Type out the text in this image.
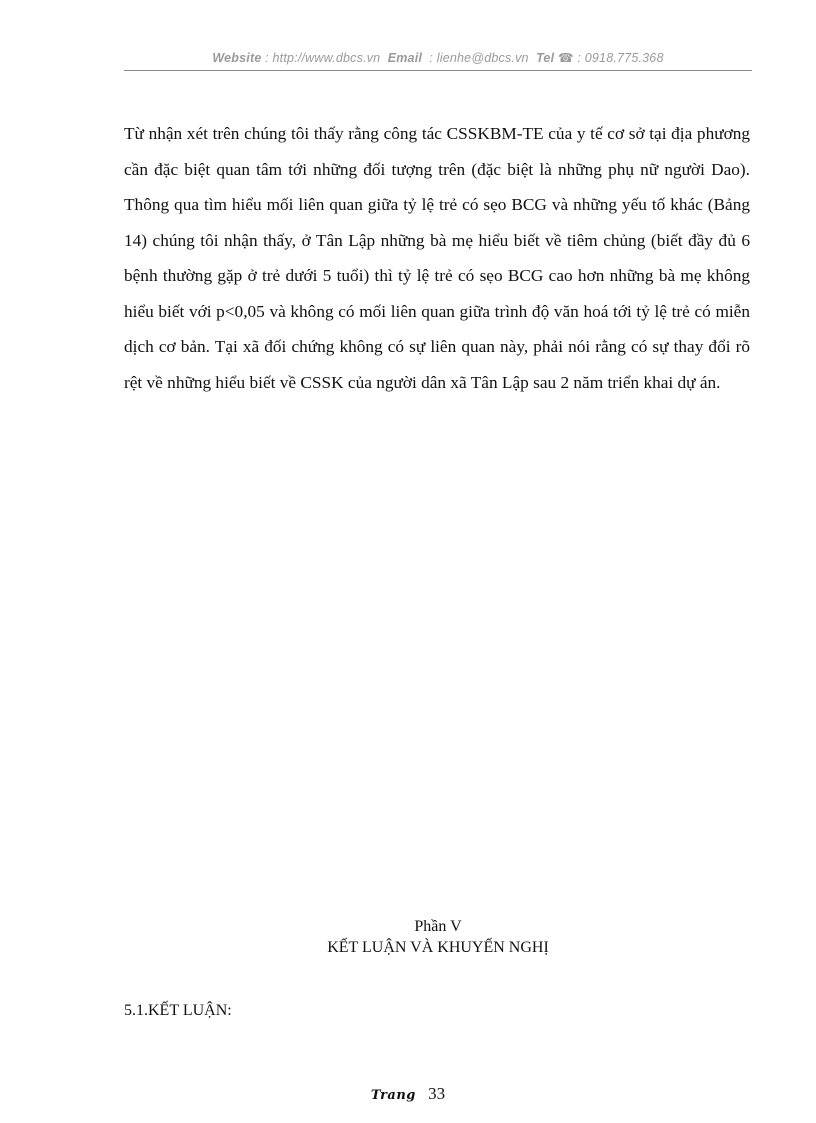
Website : http://www.dbcs.vn Email : lienhe@dbcs.vn Tel ☎ : 0918.775.368

Từ nhận xét trên chúng tôi thấy rằng công tác CSSKBM-TE của y tế cơ sở tại địa phương cần đặc biệt quan tâm tới những đối tượng trên (đặc biệt là những phụ nữ người Dao). Thông qua tìm hiểu mối liên quan giữa tỷ lệ trẻ có sẹo BCG và những yếu tố khác (Bảng 14) chúng tôi nhận thấy, ở Tân Lập những bà mẹ hiểu biết về tiêm chủng (biết đầy đủ 6 bệnh thường gặp ở trẻ dưới 5 tuổi) thì tỷ lệ trẻ có sẹo BCG cao hơn những bà mẹ không hiểu biết với p<0,05 và không có mối liên quan giữa trình độ văn hoá tới tỷ lệ trẻ có miễn dịch cơ bản. Tại xã đối chứng không có sự liên quan này, phải nói rằng có sự thay đổi rõ rệt về những hiểu biết về CSSK của người dân xã Tân Lập sau 2 năm triển khai dự án.

Phần V
KẾT LUẬN VÀ KHUYẾN NGHỊ
5.1.KẾT LUẬN:
Trang 33
